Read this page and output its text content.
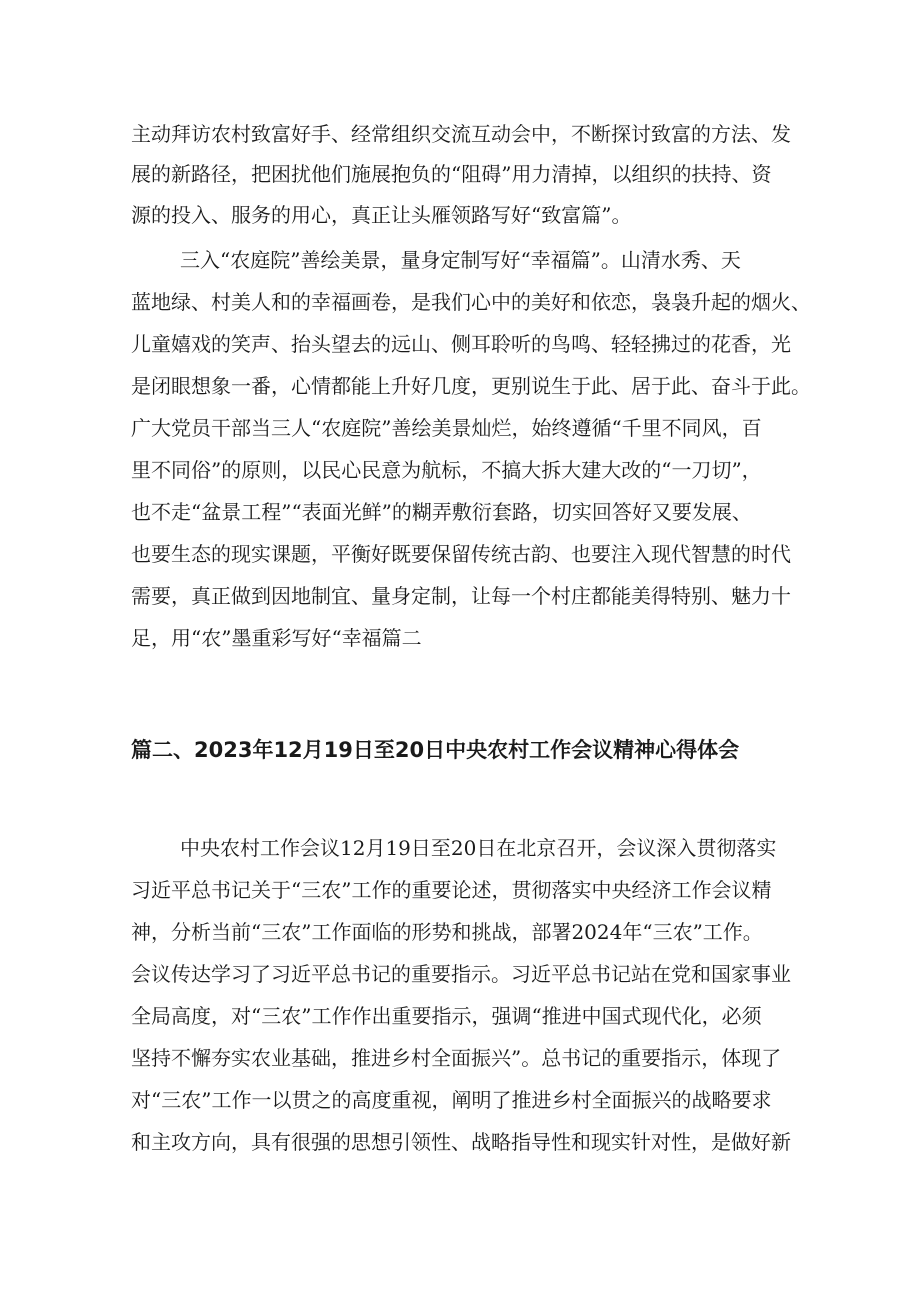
主动拜访农村致富好手、经常组织交流互动会中，不断探讨致富的方法、发
展的新路径，把困扰他们施展抱负的“阻碍”用力清掉，以组织的扶持、资
源的投入、服务的用心，真正让头雁领路写好“致富篇”。
三入“农庭院”善绘美景，量身定制写好“幸福篇”。山清水秀、天
蓝地绿、村美人和的幸福画卷，是我们心中的美好和依恋，袅袅升起的烟火、
儿童嬉戏的笑声、抬头望去的远山、侧耳聆听的鸟鸣、轻轻拂过的花香，光
是闭眼想象一番，心情都能上升好几度，更别说生于此、居于此、奋斗于此。
广大党员干部当三人“农庭院”善绘美景灿烂，始终遵循“千里不同风，百
里不同俗”的原则，以民心民意为航标，不搞大拆大建大改的“一刀切”，
也不走“盆景工程”“表面光鲜”的糊弄敷衍套路，切实回答好又要发展、
也要生态的现实课题，平衡好既要保留传统古韵、也要注入现代智慧的时代
需要，真正做到因地制宜、量身定制，让每一个村庄都能美得特别、魅力十
足，用“农”墨重彩写好“幸福篇二
篇二、2023年12月19日至20日中央农村工作会议精神心得体会
中央农村工作会议12月19日至20日在北京召开，会议深入贯彻落实
习近平总书记关于“三农”工作的重要论述，贯彻落实中央经济工作会议精
神，分析当前“三农”工作面临的形势和挑战，部署2024年“三农”工作。
会议传达学习了习近平总书记的重要指示。习近平总书记站在党和国家事业
全局高度，对“三农”工作作出重要指示，强调“推进中国式现代化，必须
坚持不懈夯实农业基础，推进乡村全面振兴”。总书记的重要指示，体现了
对“三农”工作一以贯之的高度重视，阐明了推进乡村全面振兴的战略要求
和主攻方向，具有很强的思想引领性、战略指导性和现实针对性，是做好新
